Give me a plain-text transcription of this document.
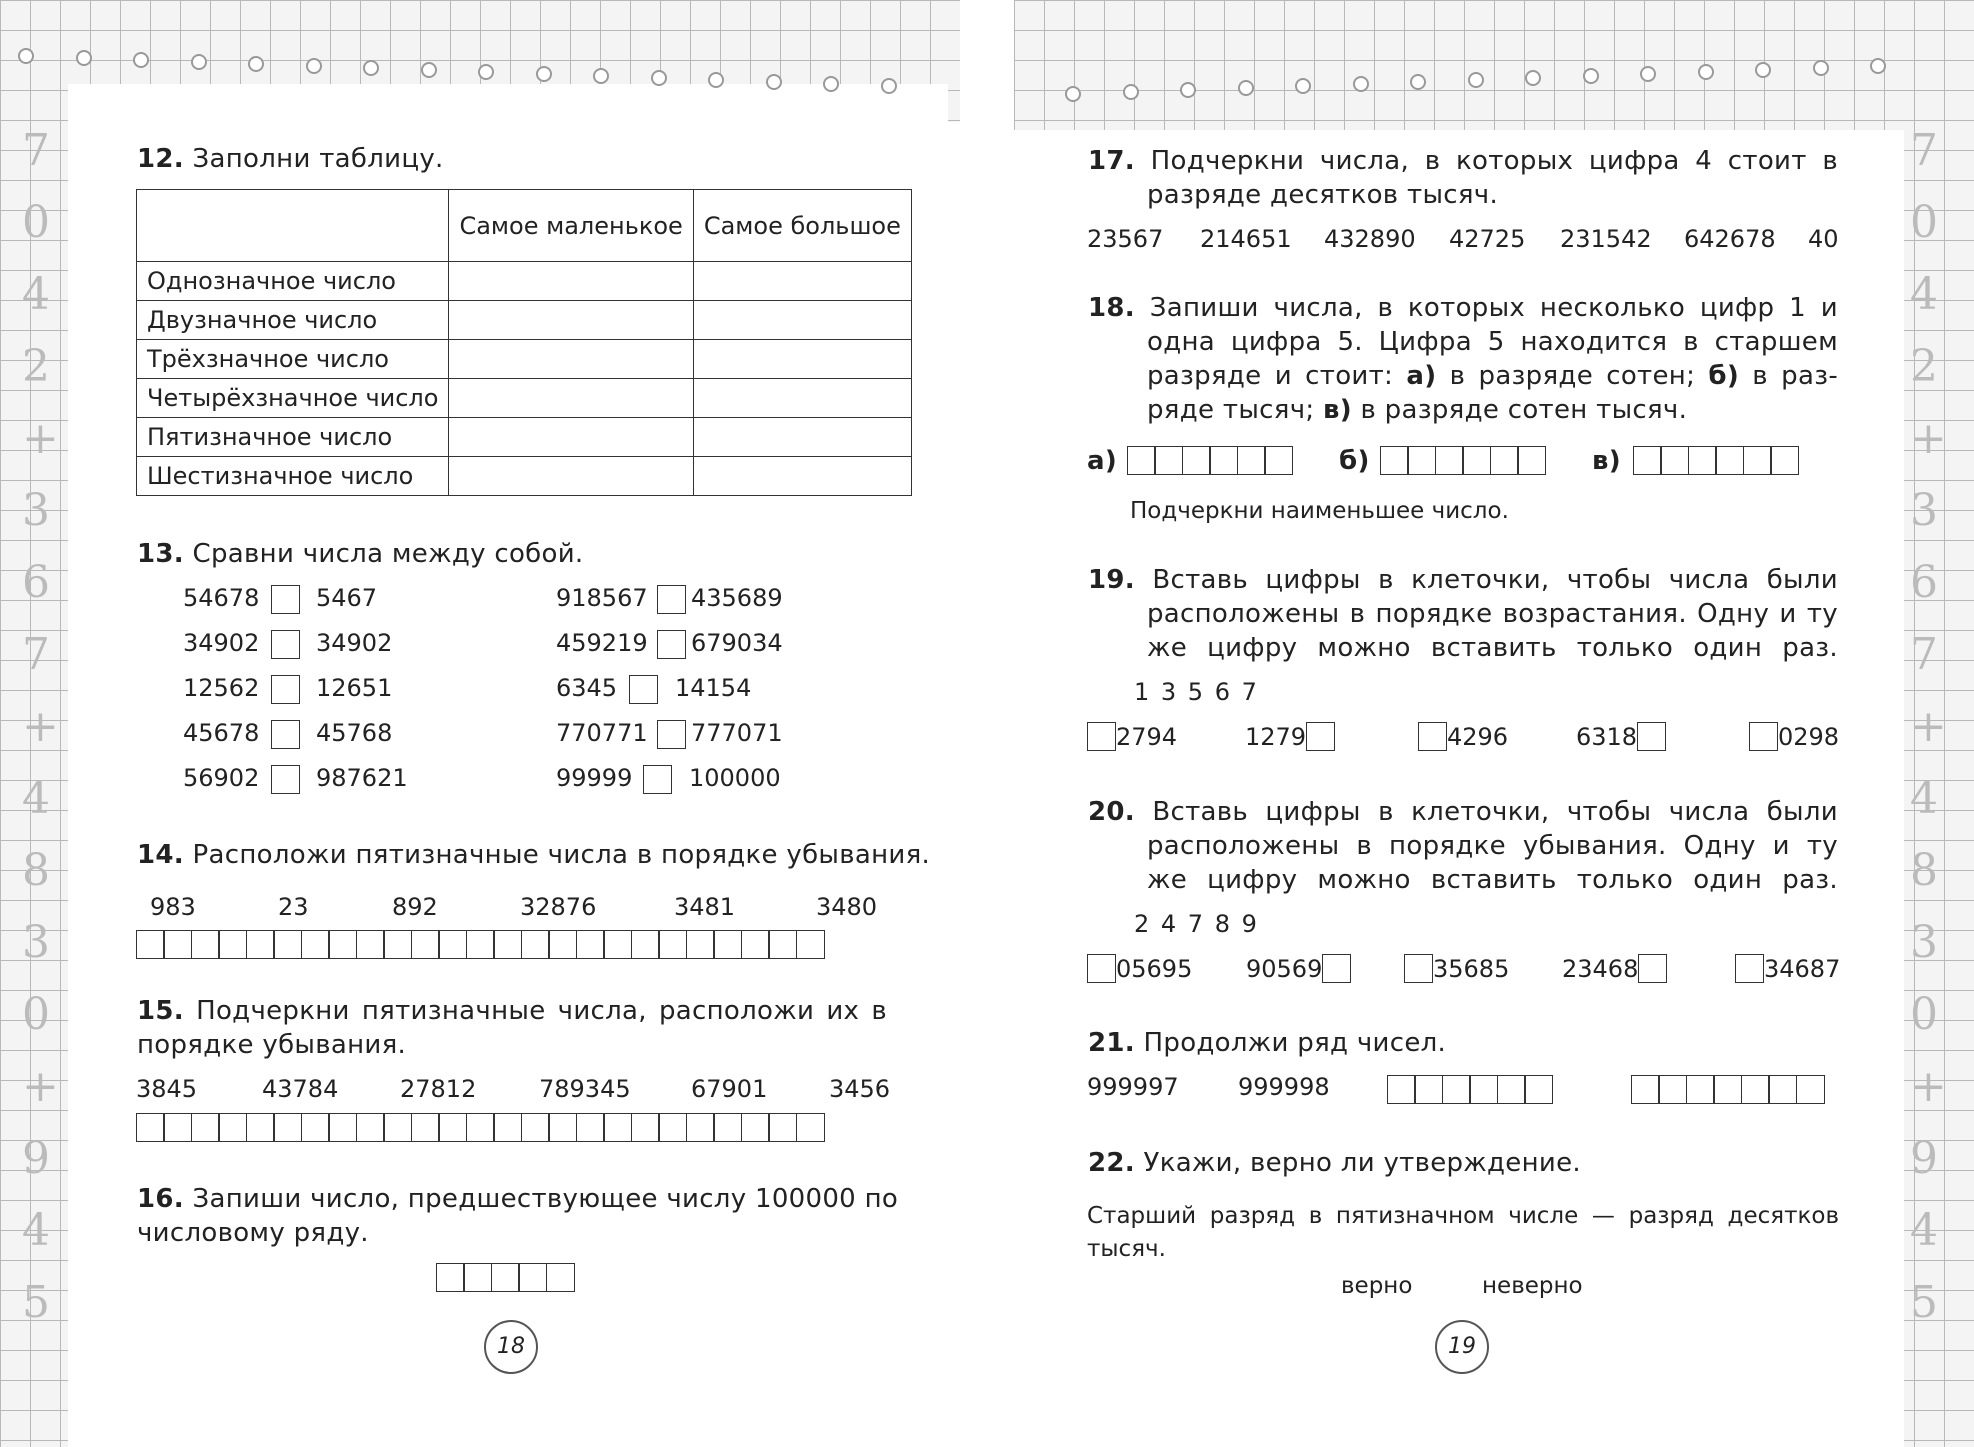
7
0
4
2
+
3
6
7
+
4
8
3
0
+
9
4
5
7
0
4
2
+
3
6
7
+
4
8
3
0
+
9
4
5
12. Заполни таблицу.
	Самое маленькое	Самое большое
Однозначное число		
Двузначное число		
Трёхзначное число		
Четырёхзначное число		
Пятизначное число		
Шестизначное число		
13. Сравни числа между собой.
54678 5467
34902 34902
12562 12651
45678 45768
56902 987621
918567 435689
459219 679034
6345 14154
770771 777071
99999 100000
14. Расположи пятизначные числа в порядке убывания.
983	23	892	32876	3481	3480
15. Подчеркни пятизначные числа, расположи их в
порядке убывания.
3845	43784	27812	789345	67901	3456
16. Запиши число, предшествующее числу 100000 по
числовому ряду.
18
17. Подчеркни числа, в которых цифра 4 стоит в
разряде десятков тысяч.
23567 214651 432890 42725 231542 642678 40
18. Запиши числа, в которых несколько цифр 1 и
одна цифра 5. Цифра 5 находится в старшем
разряде и стоит: а) в разряде сотен; б) в раз-
ряде тысяч; в) в разряде сотен тысяч.
а)	б)	в)
Подчеркни наименьшее число.
19. Вставь цифры в клеточки, чтобы числа были
расположены в порядке возрастания. Одну и ту
же цифру можно вставить только один раз.
1 3 5 6 7
2794	1279	4296	6318	0298
20. Вставь цифры в клеточки, чтобы числа были
расположены в порядке убывания. Одну и ту
же цифру можно вставить только один раз.
2 4 7 8 9
05695 90569	35685 23468	34687
21. Продолжи ряд чисел.
999997 999998
22. Укажи, верно ли утверждение.
Старший разряд в пятизначном числе — разряд десятков
тысяч.
верно	неверно
19
